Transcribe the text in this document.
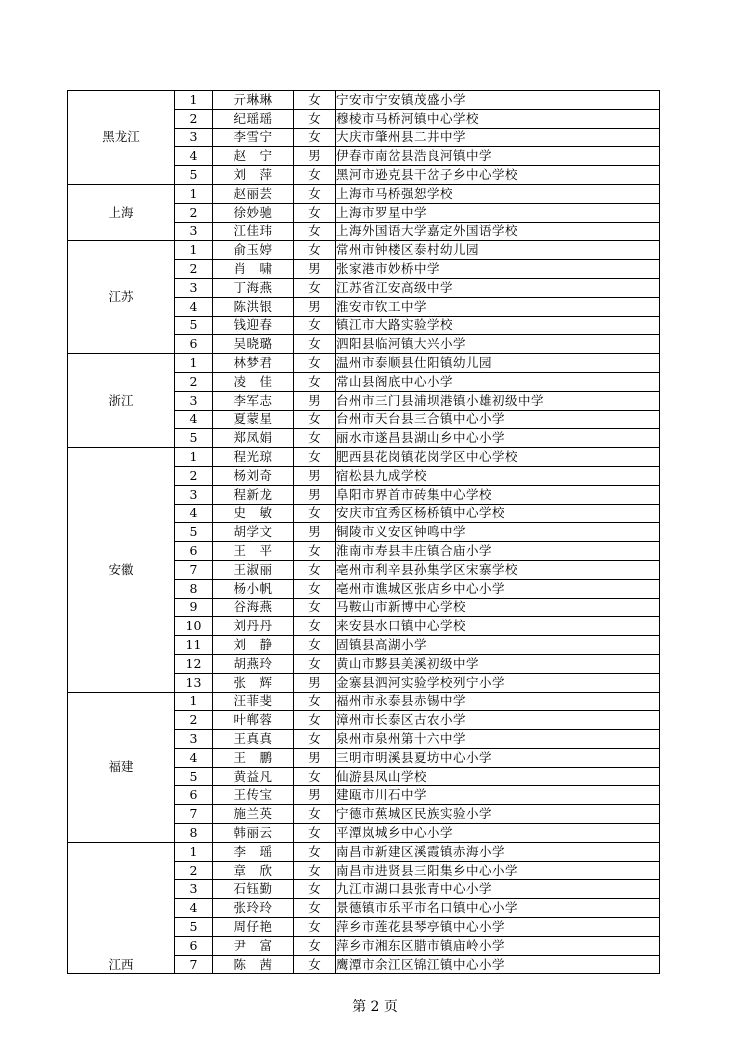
黑龙江	1	亓琳琳	女	宁安市宁安镇茂盛小学
	2	纪瑶瑶	女	穆棱市马桥河镇中心学校
	3	李雪宁	女	大庆市肇州县二井中学
	4	赵　宁	男	伊春市南岔县浩良河镇中学
	5	刘　萍	女	黑河市逊克县干岔子乡中心学校
上海	1	赵丽芸	女	上海市马桥强恕学校
	2	徐妙驰	女	上海市罗星中学
	3	江佳玮	女	上海外国语大学嘉定外国语学校
江苏	1	俞玉婷	女	常州市钟楼区泰村幼儿园
	2	肖　啸	男	张家港市妙桥中学
	3	丁海燕	女	江苏省江安高级中学
	4	陈洪银	男	淮安市钦工中学
	5	钱迎春	女	镇江市大路实验学校
	6	吴晓璐	女	泗阳县临河镇大兴小学
浙江	1	林梦君	女	温州市泰顺县仕阳镇幼儿园
	2	凌　佳	女	常山县阁底中心小学
	3	李军志	男	台州市三门县浦坝港镇小雄初级中学
	4	夏蒙星	女	台州市天台县三合镇中心小学
	5	郑凤娟	女	丽水市遂昌县湖山乡中心小学
安徽	1	程光琼	女	肥西县花岗镇花岗学区中心学校
	2	杨刘奇	男	宿松县九成学校
	3	程新龙	男	阜阳市界首市砖集中心学校
	4	史　敏	女	安庆市宜秀区杨桥镇中心学校
	5	胡学文	男	铜陵市义安区钟鸣中学
	6	王　平	女	淮南市寿县丰庄镇合庙小学
	7	王淑丽	女	亳州市利辛县孙集学区宋寨学校
	8	杨小帆	女	亳州市谯城区张店乡中心小学
	9	谷海燕	女	马鞍山市新博中心学校
	10	刘丹丹	女	来安县水口镇中心学校
	11	刘　静	女	固镇县高湖小学
	12	胡燕玲	女	黄山市黟县美溪初级中学
	13	张　辉	男	金寨县泗河实验学校列宁小学
福建	1	汪菲斐	女	福州市永泰县赤锡中学
	2	叶郸蓉	女	漳州市长泰区古农小学
	3	王真真	女	泉州市泉州第十六中学
	4	王　鹏	男	三明市明溪县夏坊中心小学
	5	黄益凡	女	仙游县凤山学校
	6	王传宝	男	建瓯市川石中学
	7	施兰英	女	宁德市蕉城区民族实验小学
	8	韩丽云	女	平潭岚城乡中心小学
江西	1	李　瑶	女	南昌市新建区溪霞镇赤海小学
	2	章　欣	女	南昌市进贤县三阳集乡中心小学
	3	石钰勤	女	九江市湖口县张青中心小学
	4	张玲玲	女	景德镇市乐平市名口镇中心小学
	5	周仔艳	女	萍乡市莲花县琴亭镇中心小学
	6	尹　富	女	萍乡市湘东区腊市镇庙岭小学
	7	陈　茜	女	鹰潭市余江区锦江镇中心小学
第 2 页
